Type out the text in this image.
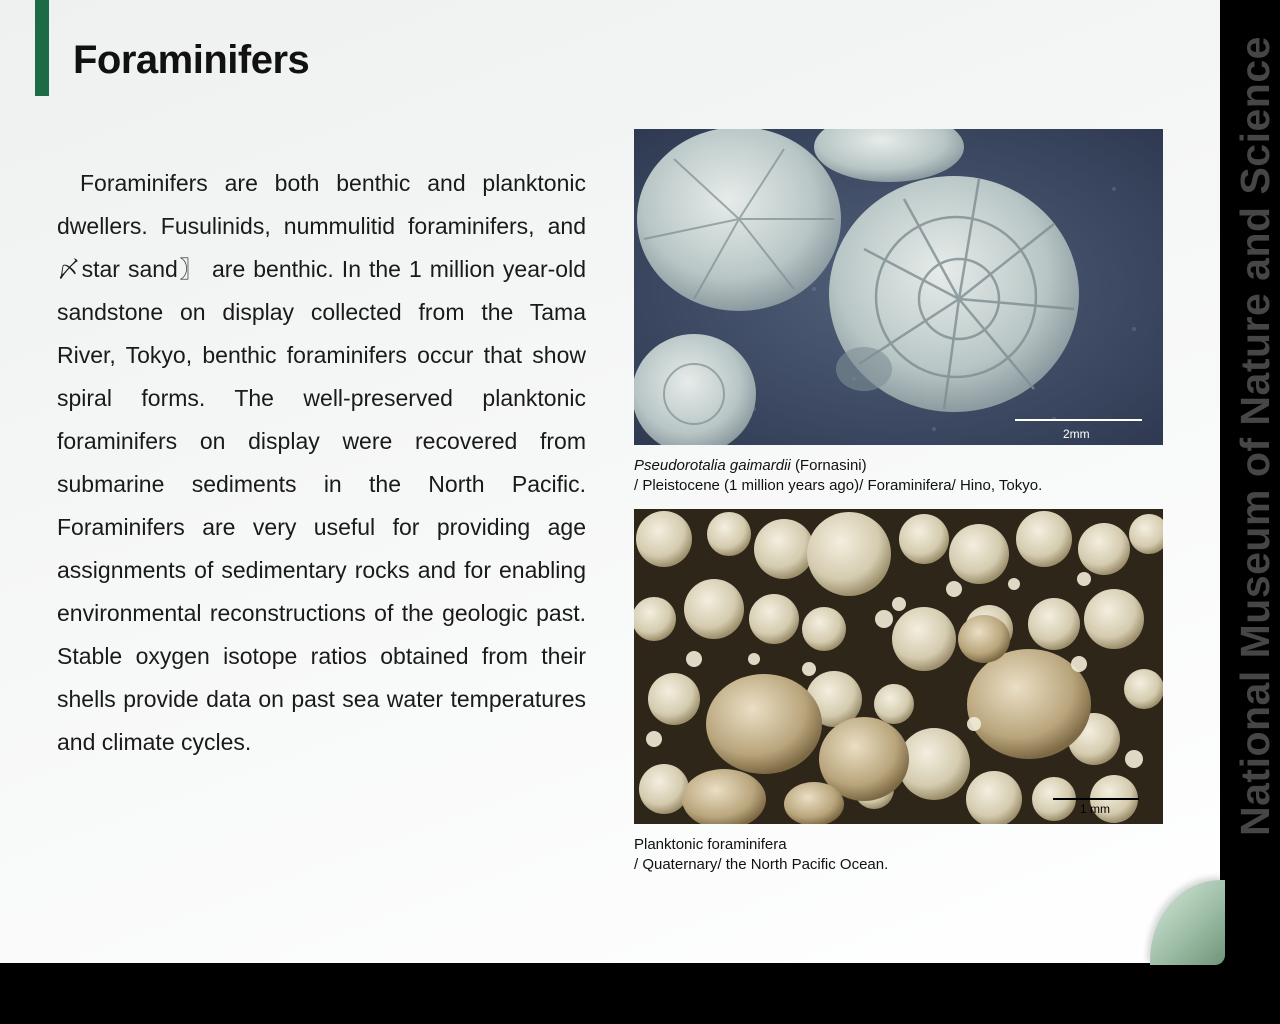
Foraminifers
Foraminifers are both benthic and planktonic dwellers. Fusulinids, nummulitid foraminifers, and 〆star sand〗 are benthic. In the 1 million year-old sandstone on display collected from the Tama River, Tokyo, benthic foraminifers occur that show spiral forms. The well-preserved planktonic foraminifers on display were recovered from submarine sediments in the North Pacific. Foraminifers are very useful for providing age assignments of sedimentary rocks and for enabling environmental reconstructions of the geologic past. Stable oxygen isotope ratios obtained from their shells provide data on past sea water temperatures and climate cycles.
2mm
Pseudorotalia gaimardii (Fornasini)
/ Pleistocene (1 million years ago)/ Foraminifera/ Hino, Tokyo.
1 mm
Planktonic foraminifera
/ Quaternary/ the North Pacific Ocean.
National Museum of Nature and Science
